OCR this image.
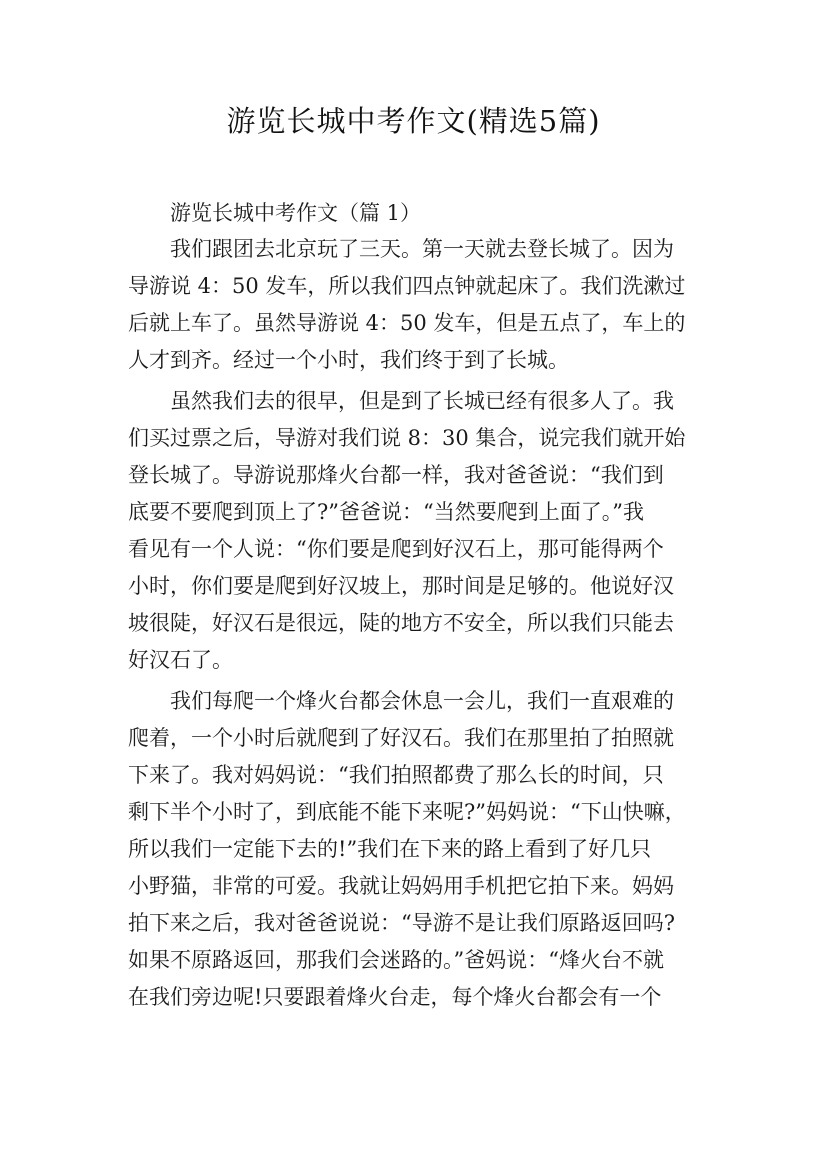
游览长城中考作文(精选5篇)
游览长城中考作文（篇 1）
我们跟团去北京玩了三天。第一天就去登长城了。因为
导游说 4：50 发车，所以我们四点钟就起床了。我们洗漱过
后就上车了。虽然导游说 4：50 发车，但是五点了，车上的
人才到齐。经过一个小时，我们终于到了长城。
虽然我们去的很早，但是到了长城已经有很多人了。我
们买过票之后，导游对我们说 8：30 集合，说完我们就开始
登长城了。导游说那烽火台都一样，我对爸爸说：“我们到
底要不要爬到顶上了?”爸爸说：“当然要爬到上面了。”我
看见有一个人说：“你们要是爬到好汉石上，那可能得两个
小时，你们要是爬到好汉坡上，那时间是足够的。他说好汉
坡很陡，好汉石是很远，陡的地方不安全，所以我们只能去
好汉石了。
我们每爬一个烽火台都会休息一会儿，我们一直艰难的
爬着，一个小时后就爬到了好汉石。我们在那里拍了拍照就
下来了。我对妈妈说：“我们拍照都费了那么长的时间，只
剩下半个小时了，到底能不能下来呢?”妈妈说：“下山快嘛，
所以我们一定能下去的!”我们在下来的路上看到了好几只
小野猫，非常的可爱。我就让妈妈用手机把它拍下来。妈妈
拍下来之后，我对爸爸说说：“导游不是让我们原路返回吗?
如果不原路返回，那我们会迷路的。”爸妈说：“烽火台不就
在我们旁边呢!只要跟着烽火台走，每个烽火台都会有一个
